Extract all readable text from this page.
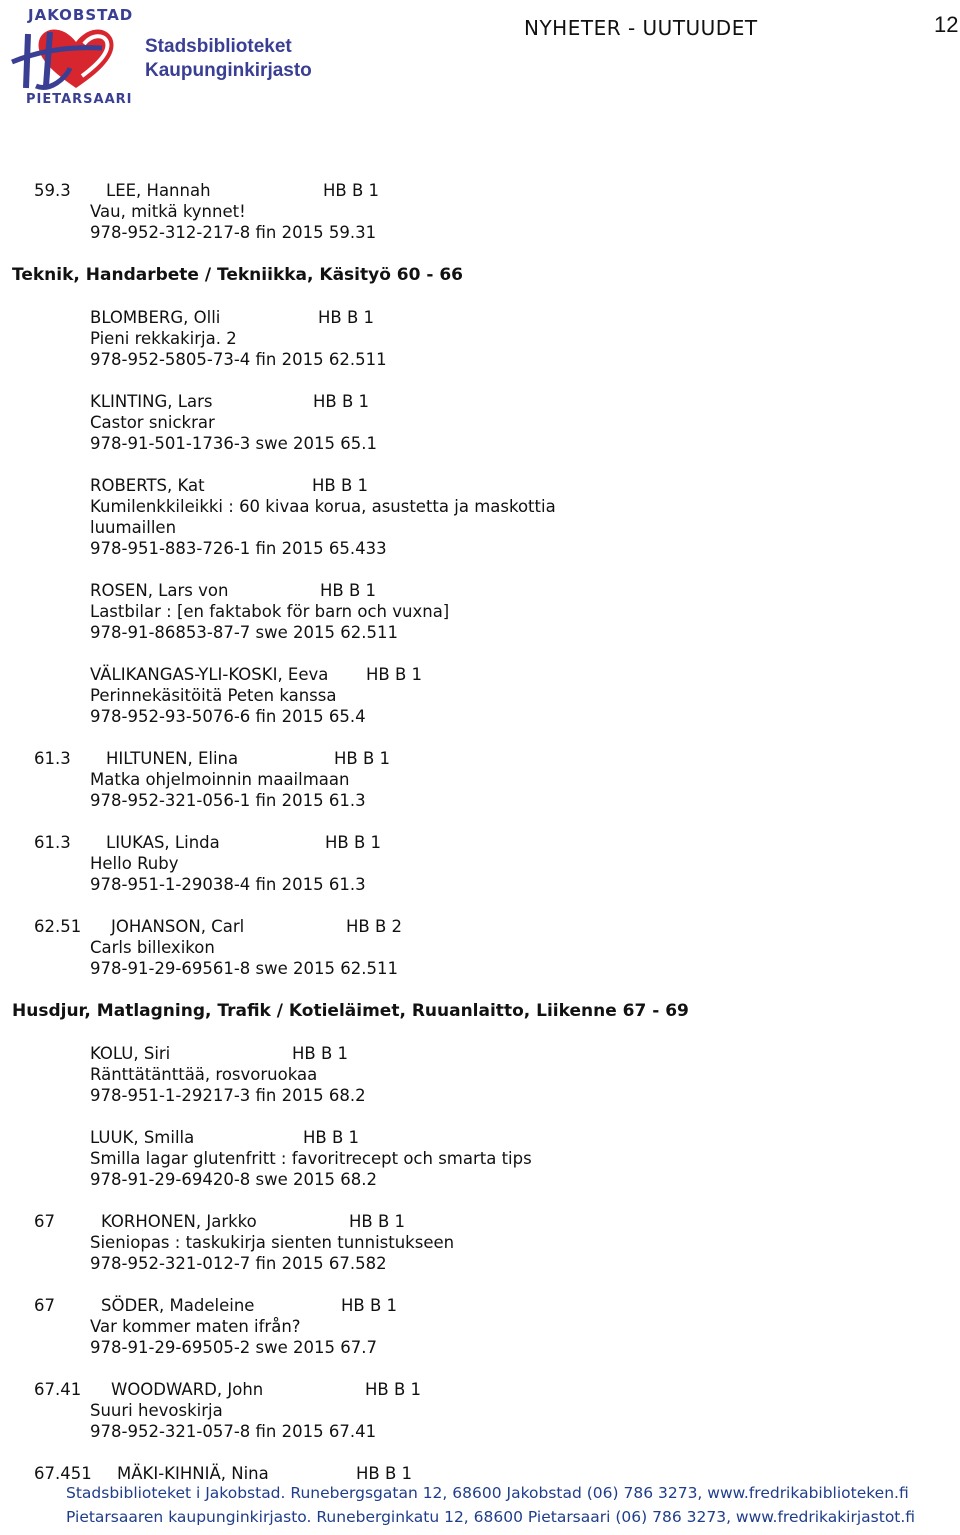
JAKOBSTAD
Stadsbiblioteket
Kaupunginkirjasto
PIETARSAARI
NYHETER - UUTUUDET	12
59.3 LEE, Hannah	HB B 1
Vau, mitkä kynnet!
978-952-312-217-8 fin 2015 59.31
Teknik, Handarbete / Tekniikka, Käsityö 60 - 66
BLOMBERG, Olli	HB B 1
Pieni rekkakirja. 2
978-952-5805-73-4 fin 2015 62.511
KLINTING, Lars	HB B 1
Castor snickrar
978-91-501-1736-3 swe 2015 65.1
ROBERTS, Kat	HB B 1
Kumilenkkileikki : 60 kivaa korua, asustetta ja maskottia
luumaillen
978-951-883-726-1 fin 2015 65.433
ROSEN, Lars von	HB B 1
Lastbilar : [en faktabok för barn och vuxna]
978-91-86853-87-7 swe 2015 62.511
VÄLIKANGAS-YLI-KOSKI, Eeva HB B 1
Perinnekäsitöitä Peten kanssa
978-952-93-5076-6 fin 2015 65.4
61.3 HILTUNEN, Elina	HB B 1
Matka ohjelmoinnin maailmaan
978-952-321-056-1 fin 2015 61.3
61.3 LIUKAS, Linda	HB B 1
Hello Ruby
978-951-1-29038-4 fin 2015 61.3
62.51 JOHANSON, Carl	HB B 2
Carls billexikon
978-91-29-69561-8 swe 2015 62.511
Husdjur, Matlagning, Trafik / Kotieläimet, Ruuanlaitto, Liikenne 67 - 69
KOLU, Siri	HB B 1
Ränttätänttää, rosvoruokaa
978-951-1-29217-3 fin 2015 68.2
LUUK, Smilla	HB B 1
Smilla lagar glutenfritt : favoritrecept och smarta tips
978-91-29-69420-8 swe 2015 68.2
67	KORHONEN, Jarkko	HB B 1
Sieniopas : taskukirja sienten tunnistukseen
978-952-321-012-7 fin 2015 67.582
67	SÖDER, Madeleine	HB B 1
Var kommer maten ifrån?
978-91-29-69505-2 swe 2015 67.7
67.41 WOODWARD, John	HB B 1
Suuri hevoskirja
978-952-321-057-8 fin 2015 67.41
67.451 MÄKI-KIHNIÄ, Nina	HB B 1
Stadsbiblioteket i Jakobstad. Runebergsgatan 12, 68600 Jakobstad (06) 786 3273, www.fredrikabiblioteken.fi
Pietarsaaren kaupunginkirjasto. Runeberginkatu 12, 68600 Pietarsaari (06) 786 3273, www.fredrikakirjastot.fi
